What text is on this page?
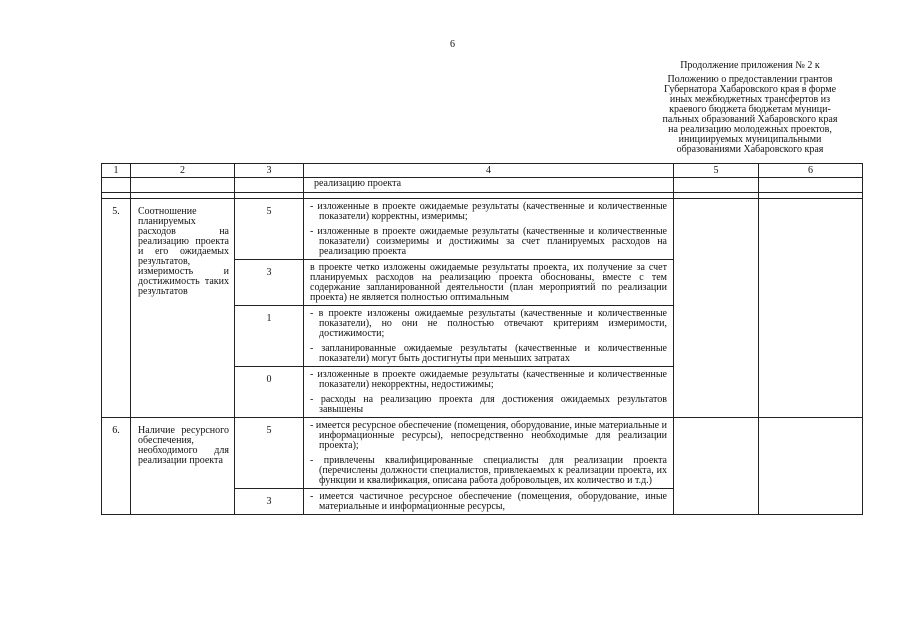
6
Продолжение приложения № 2 к
Положению о предоставлении грантов
Губернатора Хабаровского края в форме
иных межбюджетных трансфертов из
краевого бюджета бюджетам муници-
пальных образований Хабаровского края
на реализацию молодежных проектов,
инициируемых муниципальными
образованиями Хабаровского края
1	2	3	4	5	6
			реализацию проекта		

5.	Соотношение планируемых расходов на реализацию проекта и его ожидаемых результатов, измеримость и достижимость таких результатов	5	- изложенные в проекте ожидаемые результаты (качественные и количественные показатели) корректны, измеримы;
- изложенные в проекте ожидаемые результаты (качественные и количественные показатели) соизмеримы и достижимы за счет планируемых расходов на реализацию проекта		

		3	в проекте четко изложены ожидаемые результаты проекта, их получение за счет планируемых расходов на реализацию проекта обоснованы, вместе с тем содержание запланированной деятельности (план мероприятий по реализации проекта) не является полностью оптимальным		

		1	- в проекте изложены ожидаемые результаты (качественные и количественные показатели), но они не полностью отвечают критериям измеримости, достижимости;
- запланированные ожидаемые результаты (качественные и количественные показатели) могут быть достигнуты при меньших затратах		

		0	- изложенные в проекте ожидаемые результаты (качественные и количественные показатели) некорректны, недостижимы;
- расходы на реализацию проекта для достижения ожидаемых результатов завышены		

6.	Наличие ресурсного обеспечения, необходимого для реализации проекта	5	- имеется ресурсное обеспечение (помещения, оборудование, иные материальные и информационные ресурсы), непосредственно необходимые для реализации проекта);
- привлечены квалифицированные специалисты для реализации проекта (перечислены должности специалистов, привлекаемых к реализации проекта, их функции и квалификация, описана работа добровольцев, их количество и т.д.)		

		3	- имеется частичное ресурсное обеспечение (помещения, оборудование, иные материальные и информационные ресурсы,		
